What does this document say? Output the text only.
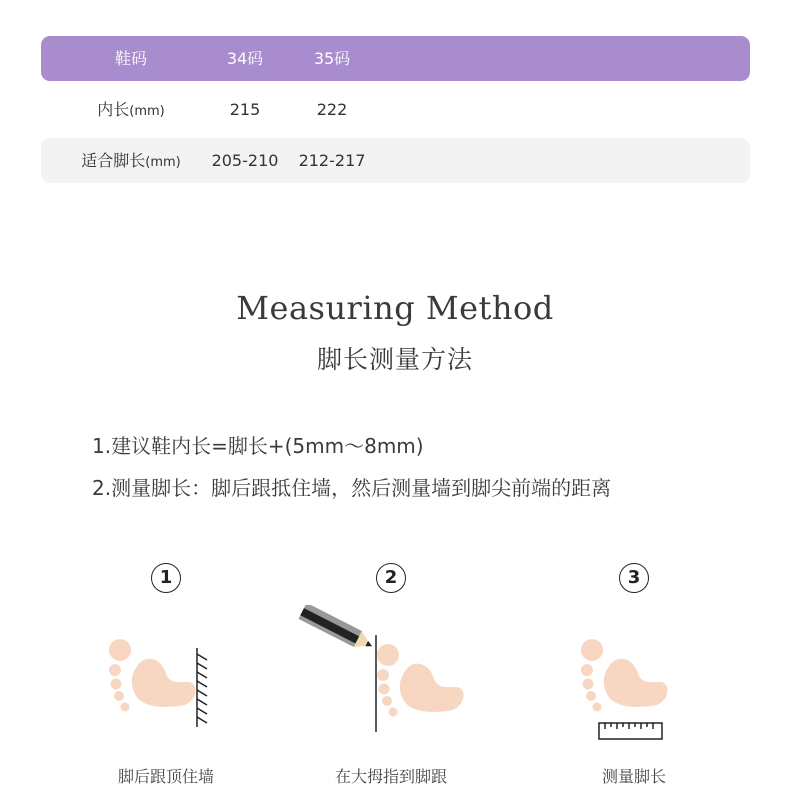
鞋码	34码	35码
内长(mm)	215	222
适合脚长(mm) 205-210 212-217
Measuring Method
脚长测量方法
1.建议鞋内长=脚长+(5mm～8mm)
2.测量脚长：脚后跟抵住墙，然后测量墙到脚尖前端的距离
1
脚后跟顶住墙
2
在大拇指到脚跟
3
测量脚长
